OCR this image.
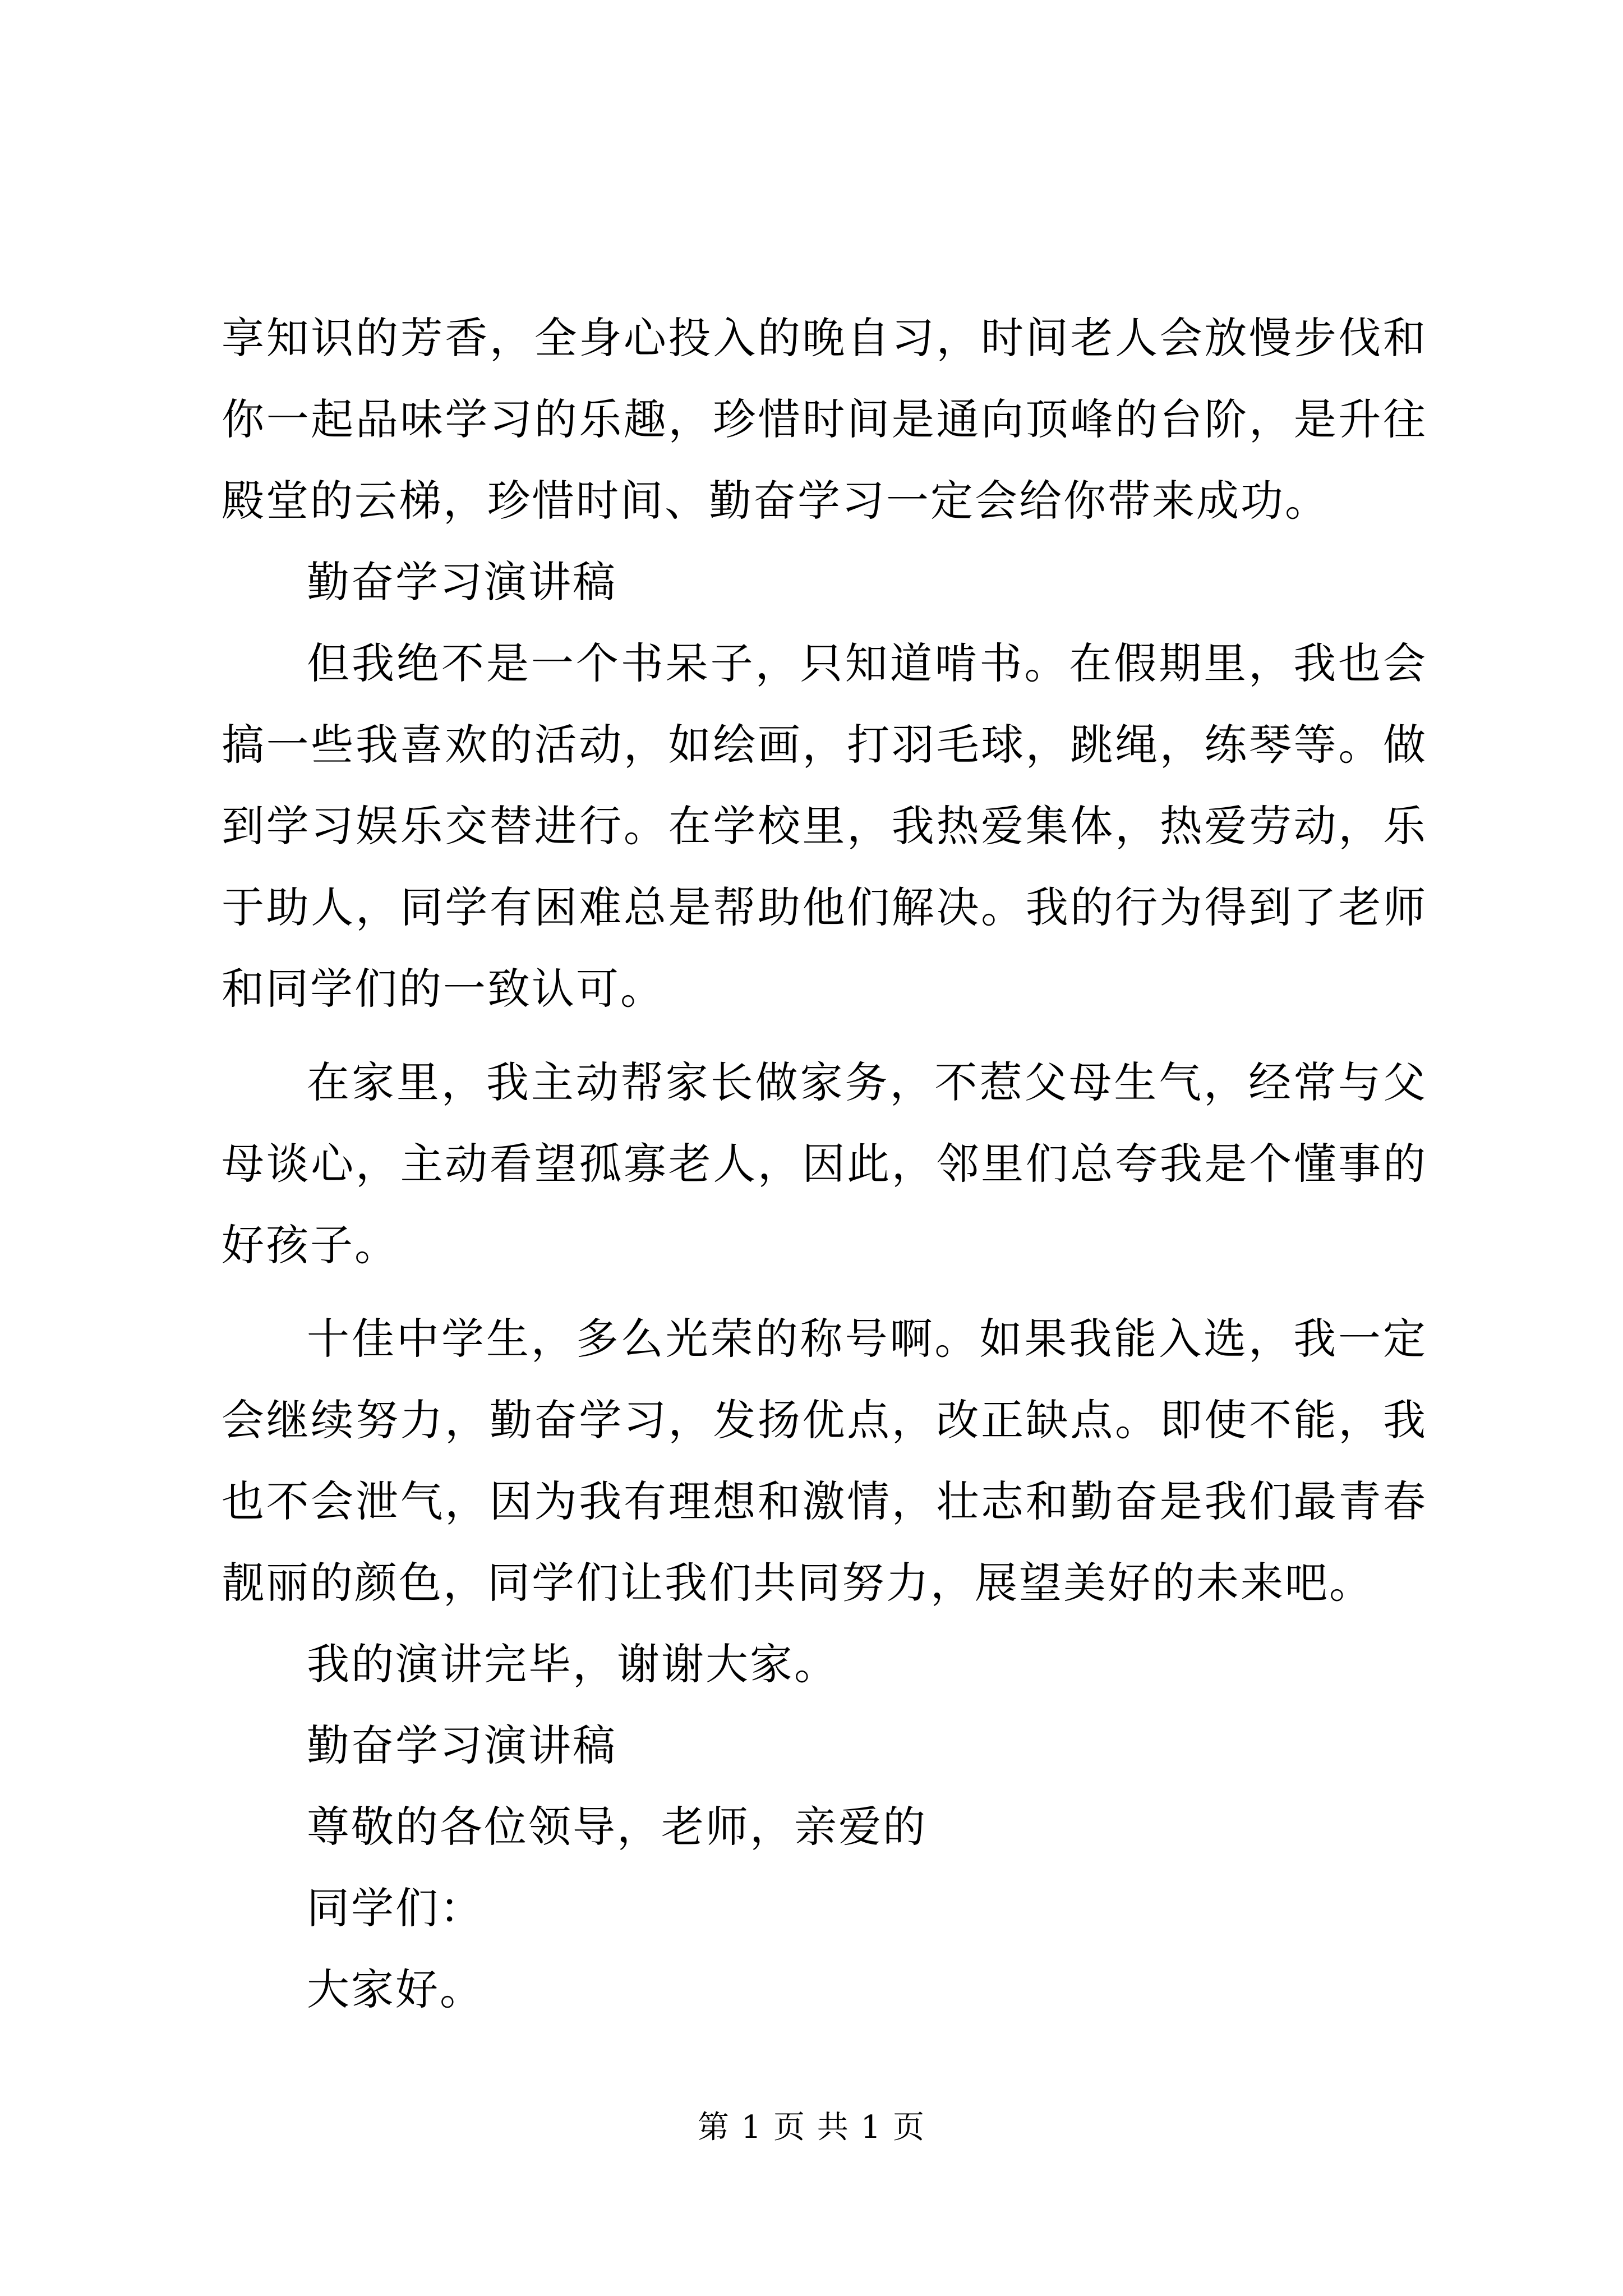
享知识的芳香，全身心投入的晚自习，时间老人会放慢步伐和你一起品味学习的乐趣，珍惜时间是通向顶峰的台阶，是升往殿堂的云梯，珍惜时间、勤奋学习一定会给你带来成功。

勤奋学习演讲稿

但我绝不是一个书呆子，只知道啃书。在假期里，我也会搞一些我喜欢的活动，如绘画，打羽毛球，跳绳，练琴等。做到学习娱乐交替进行。在学校里，我热爱集体，热爱劳动，乐于助人，同学有困难总是帮助他们解决。我的行为得到了老师和同学们的一致认可。

在家里，我主动帮家长做家务，不惹父母生气，经常与父母谈心，主动看望孤寡老人，因此，邻里们总夸我是个懂事的好孩子。

十佳中学生，多么光荣的称号啊。如果我能入选，我一定会继续努力，勤奋学习，发扬优点，改正缺点。即使不能，我也不会泄气，因为我有理想和激情，壮志和勤奋是我们最青春靓丽的颜色，同学们让我们共同努力，展望美好的未来吧。

我的演讲完毕，谢谢大家。

勤奋学习演讲稿

尊敬的各位领导，老师，亲爱的

同学们：

大家好。

第 1 页 共 1 页
